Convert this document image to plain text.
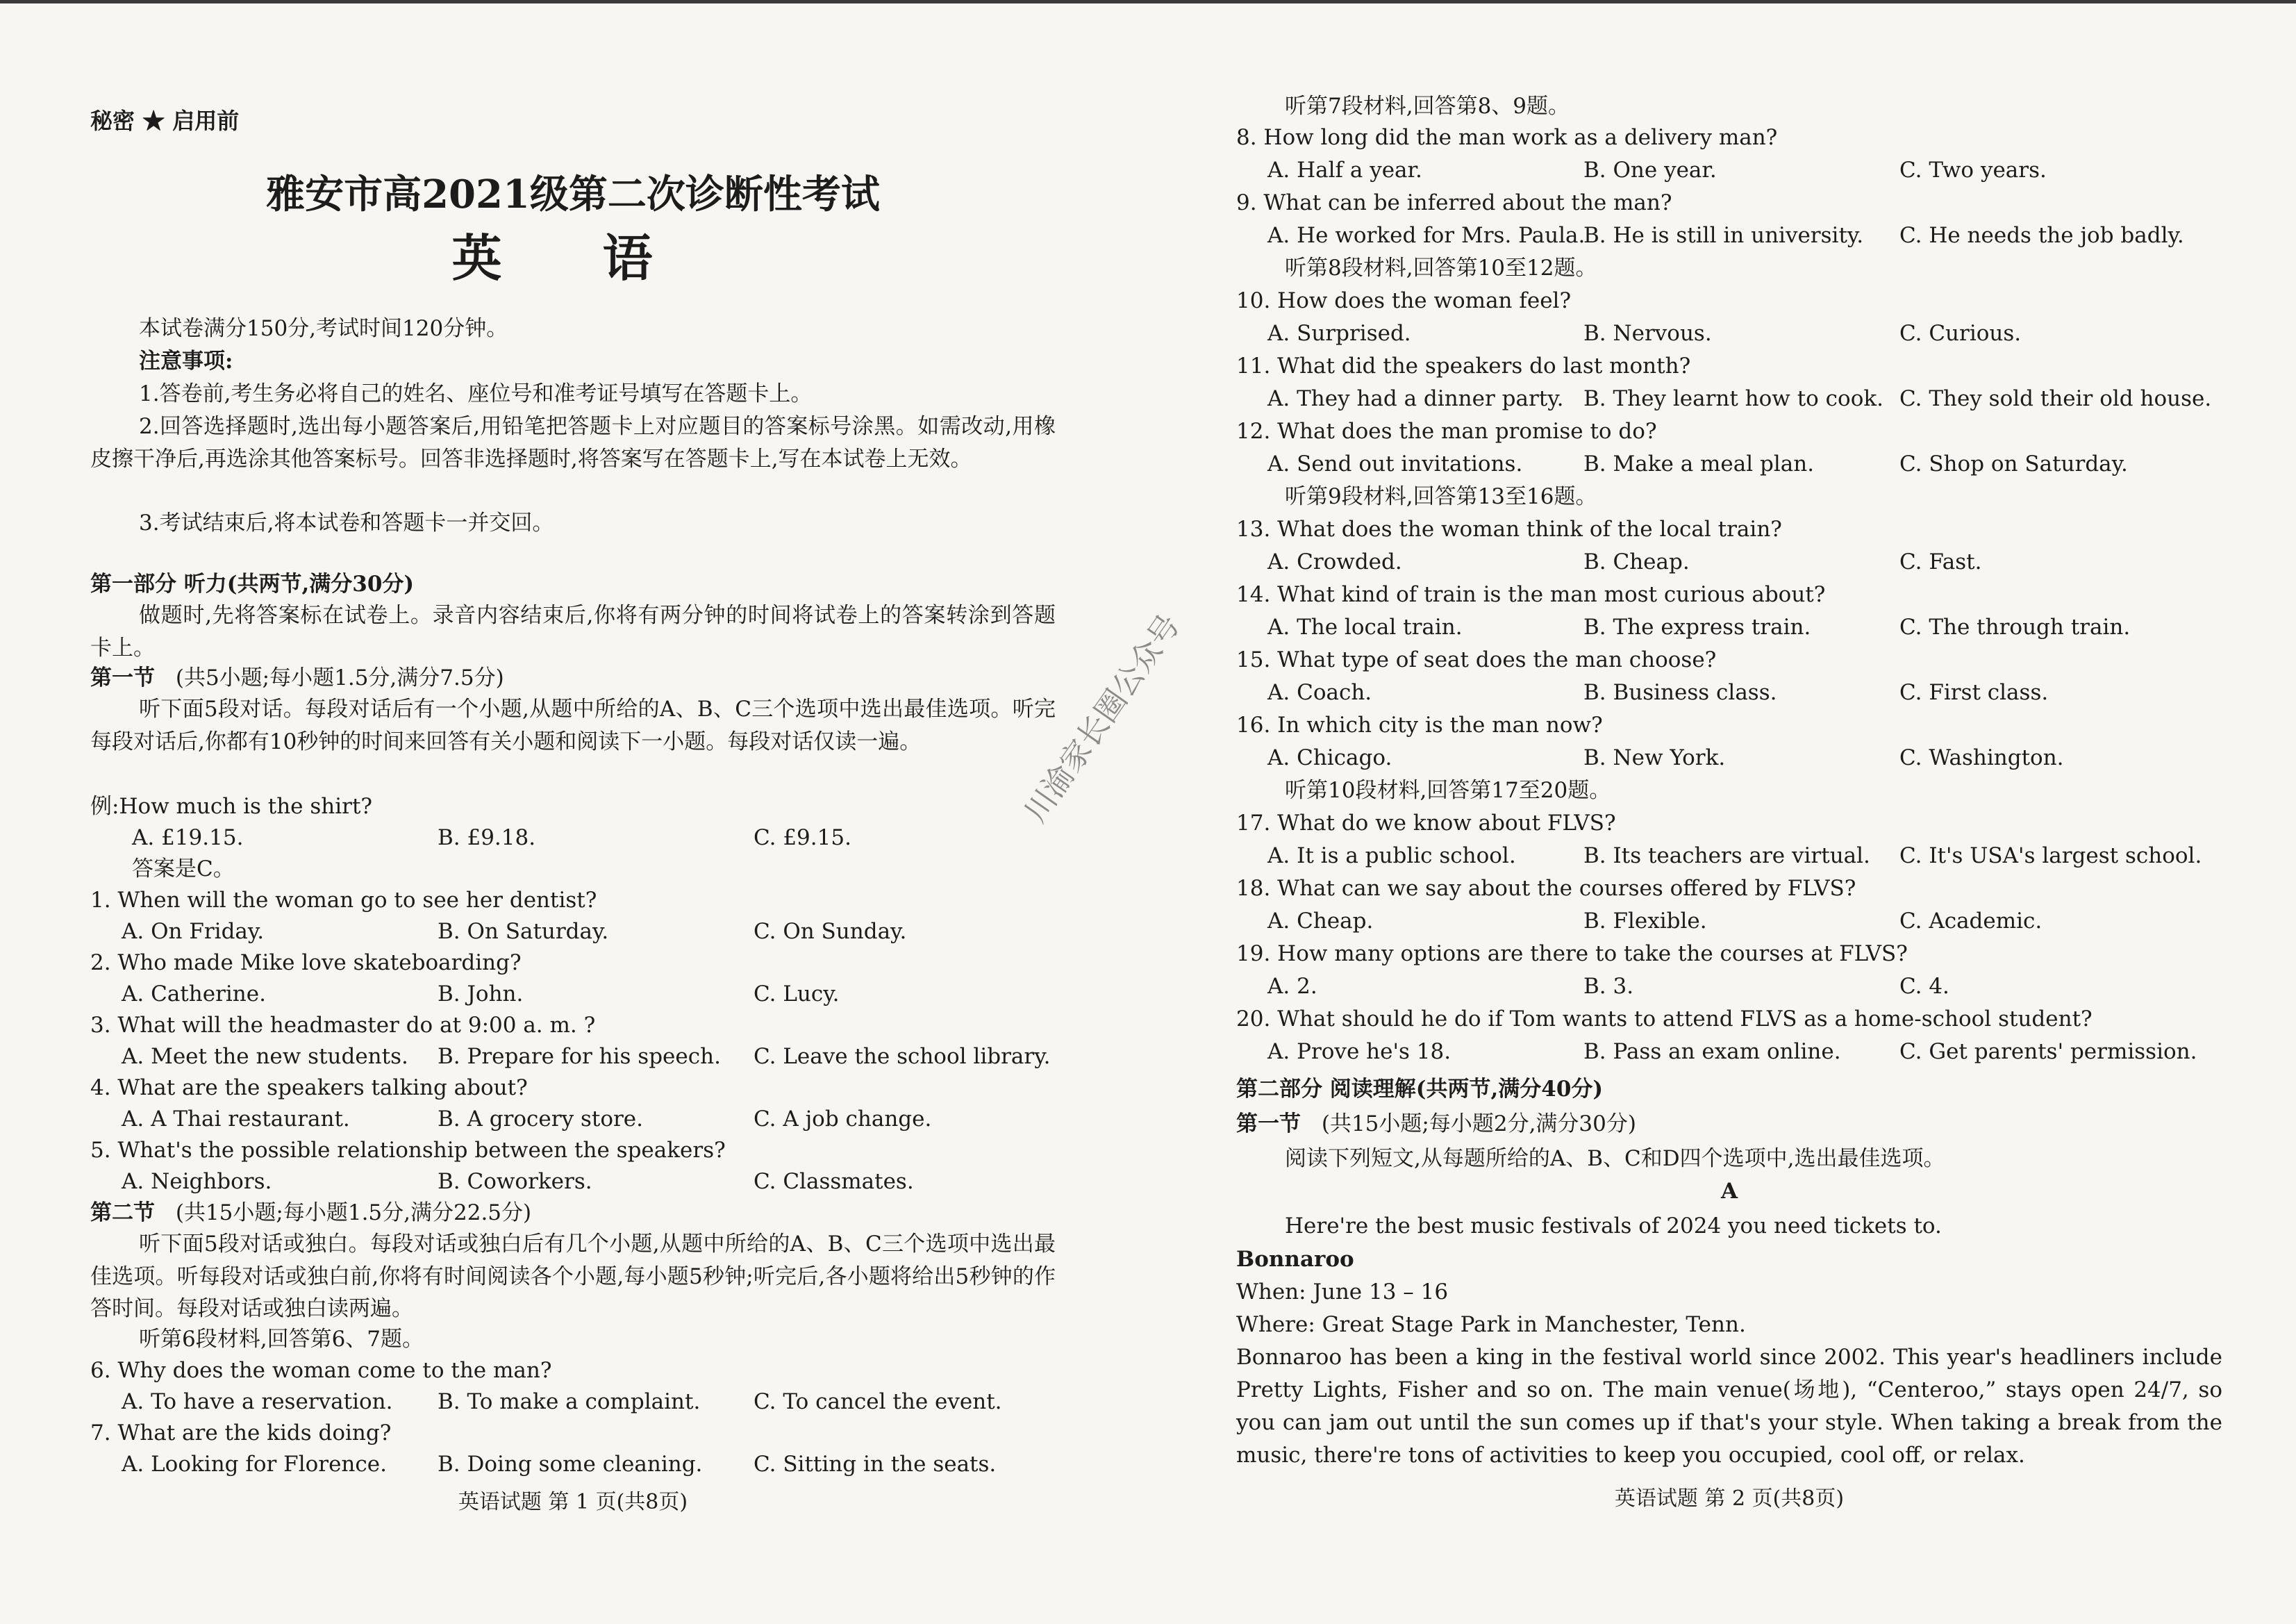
秘密 ★ 启用前
雅安市高2021级第二次诊断性考试
英 语
本试卷满分150分,考试时间120分钟。
注意事项:
1.答卷前,考生务必将自己的姓名、座位号和准考证号填写在答题卡上。
2.回答选择题时,选出每小题答案后,用铅笔把答题卡上对应题目的答案标号涂黑。如需改动,用橡皮擦干净后,再选涂其他答案标号。回答非选择题时,将答案写在答题卡上,写在本试卷上无效。
3.考试结束后,将本试卷和答题卡一并交回。
第一部分 听力(共两节,满分30分)
做题时,先将答案标在试卷上。录音内容结束后,你将有两分钟的时间将试卷上的答案转涂到答题卡上。
第一节 (共5小题;每小题1.5分,满分7.5分)
听下面5段对话。每段对话后有一个小题,从题中所给的A、B、C三个选项中选出最佳选项。听完每段对话后,你都有10秒钟的时间来回答有关小题和阅读下一小题。每段对话仅读一遍。
例:How much is the shirt?
A. £19.15.	B. £9.18.	C. £9.15.
答案是C。
1. When will the woman go to see her dentist?
A. On Friday.	B. On Saturday.	C. On Sunday.
2. Who made Mike love skateboarding?
A. Catherine.	B. John.	C. Lucy.
3. What will the headmaster do at 9:00 a. m. ?
A. Meet the new students. B. Prepare for his speech. C. Leave the school library.
4. What are the speakers talking about?
A. A Thai restaurant.	B. A grocery store.	C. A job change.
5. What's the possible relationship between the speakers?
A. Neighbors.	B. Coworkers.	C. Classmates.
第二节 (共15小题;每小题1.5分,满分22.5分)
听下面5段对话或独白。每段对话或独白后有几个小题,从题中所给的A、B、C三个选项中选出最佳选项。听每段对话或独白前,你将有时间阅读各个小题,每小题5秒钟;听完后,各小题将给出5秒钟的作答时间。每段对话或独白读两遍。
听第6段材料,回答第6、7题。
6. Why does the woman come to the man?
A. To have a reservation. B. To make a complaint. C. To cancel the event.
7. What are the kids doing?
A. Looking for Florence. B. Doing some cleaning. C. Sitting in the seats.
英语试题 第 1 页(共8页)
川渝家长圈公众号
听第7段材料,回答第8、9题。
8. How long did the man work as a delivery man?
A. Half a year.	B. One year.	C. Two years.
9. What can be inferred about the man?
A. He worked for Mrs. Paula.
B. He is still in university. C. He needs the job badly.
听第8段材料,回答第10至12题。
10. How does the woman feel?
A. Surprised.	B. Nervous.	C. Curious.
11. What did the speakers do last month?
A. They had a dinner party. B. They learnt how to cook. C. They sold their old house.
12. What does the man promise to do?
A. Send out invitations.	B. Make a meal plan.	C. Shop on Saturday.
听第9段材料,回答第13至16题。
13. What does the woman think of the local train?
A. Crowded.	B. Cheap.	C. Fast.
14. What kind of train is the man most curious about?
A. The local train.	B. The express train.	C. The through train.
15. What type of seat does the man choose?
A. Coach.	B. Business class.	C. First class.
16. In which city is the man now?
A. Chicago.	B. New York.	C. Washington.
听第10段材料,回答第17至20题。
17. What do we know about FLVS?
A. It is a public school.	B. Its teachers are virtual. C. It's USA's largest school.
18. What can we say about the courses offered by FLVS?
A. Cheap.	B. Flexible.	C. Academic.
19. How many options are there to take the courses at FLVS?
A. 2.	B. 3.	C. 4.
20. What should he do if Tom wants to attend FLVS as a home-school student?
A. Prove he's 18.	B. Pass an exam online.	C. Get parents' permission.
第二部分 阅读理解(共两节,满分40分)
第一节 (共15小题;每小题2分,满分30分)
阅读下列短文,从每题所给的A、B、C和D四个选项中,选出最佳选项。
A
Here're the best music festivals of 2024 you need tickets to.
Bonnaroo
When: June 13 – 16
Where: Great Stage Park in Manchester, Tenn.
Bonnaroo has been a king in the festival world since 2002. This year's headliners include Pretty Lights, Fisher and so on. The main venue(场地), “Centeroo,” stays open 24/7, so you can jam out until the sun comes up if that's your style. When taking a break from the music, there're tons of activities to keep you occupied, cool off, or relax.
英语试题 第 2 页(共8页)
